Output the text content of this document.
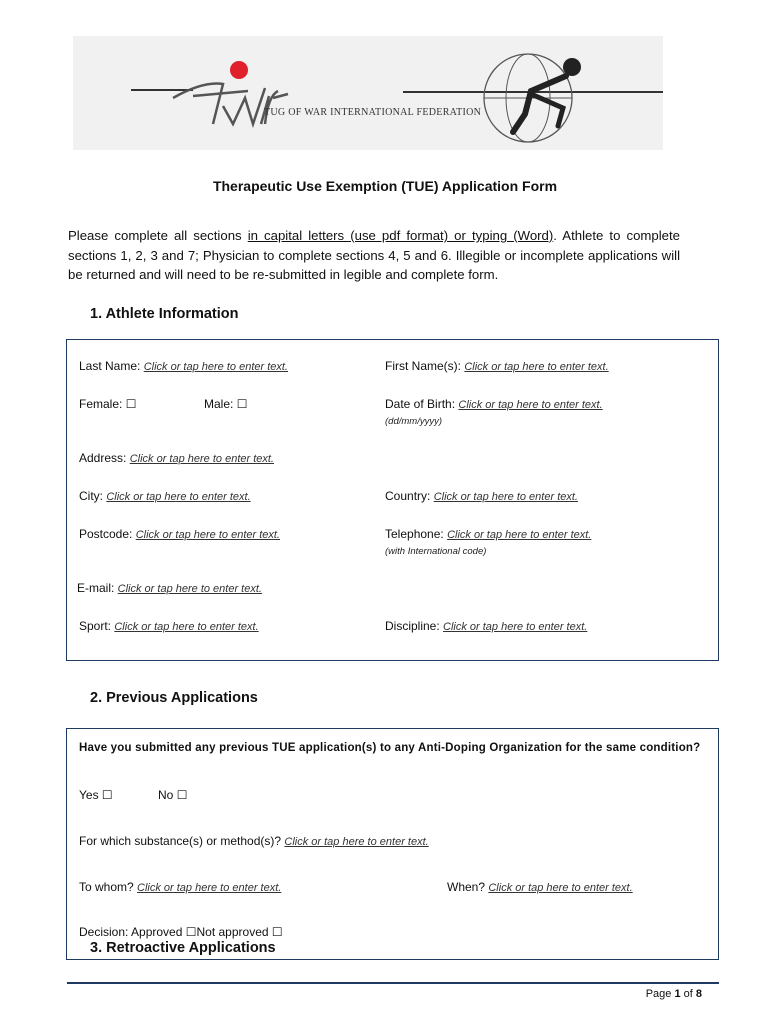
TUG OF WAR INTERNATIONAL FEDERATION
Therapeutic Use Exemption (TUE) Application Form
Please complete all sections in capital letters (use pdf format) or typing (Word). Athlete to complete sections 1, 2, 3 and 7; Physician to complete sections 4, 5 and 6. Illegible or incomplete applications will be returned and will need to be re-submitted in legible and complete form.
1. Athlete Information
Last Name: Click or tap here to enter text.	First Name(s): Click or tap here to enter text.
Female: ☐	Male: ☐	Date of Birth: Click or tap here to enter text.
(dd/mm/yyyy)
Address: Click or tap here to enter text.
City: Click or tap here to enter text.	Country: Click or tap here to enter text.
Postcode: Click or tap here to enter text.	Telephone: Click or tap here to enter text.
(with International code)
E-mail: Click or tap here to enter text.
Sport: Click or tap here to enter text.	Discipline: Click or tap here to enter text.
2. Previous Applications
Have you submitted any previous TUE application(s) to any Anti-Doping Organization for the same condition?
Yes ☐	No ☐
For which substance(s) or method(s)? Click or tap here to enter text.
To whom? Click or tap here to enter text.	When? Click or tap here to enter text.
Decision: Approved ☐Not approved ☐
3. Retroactive Applications
Page 1 of 8
